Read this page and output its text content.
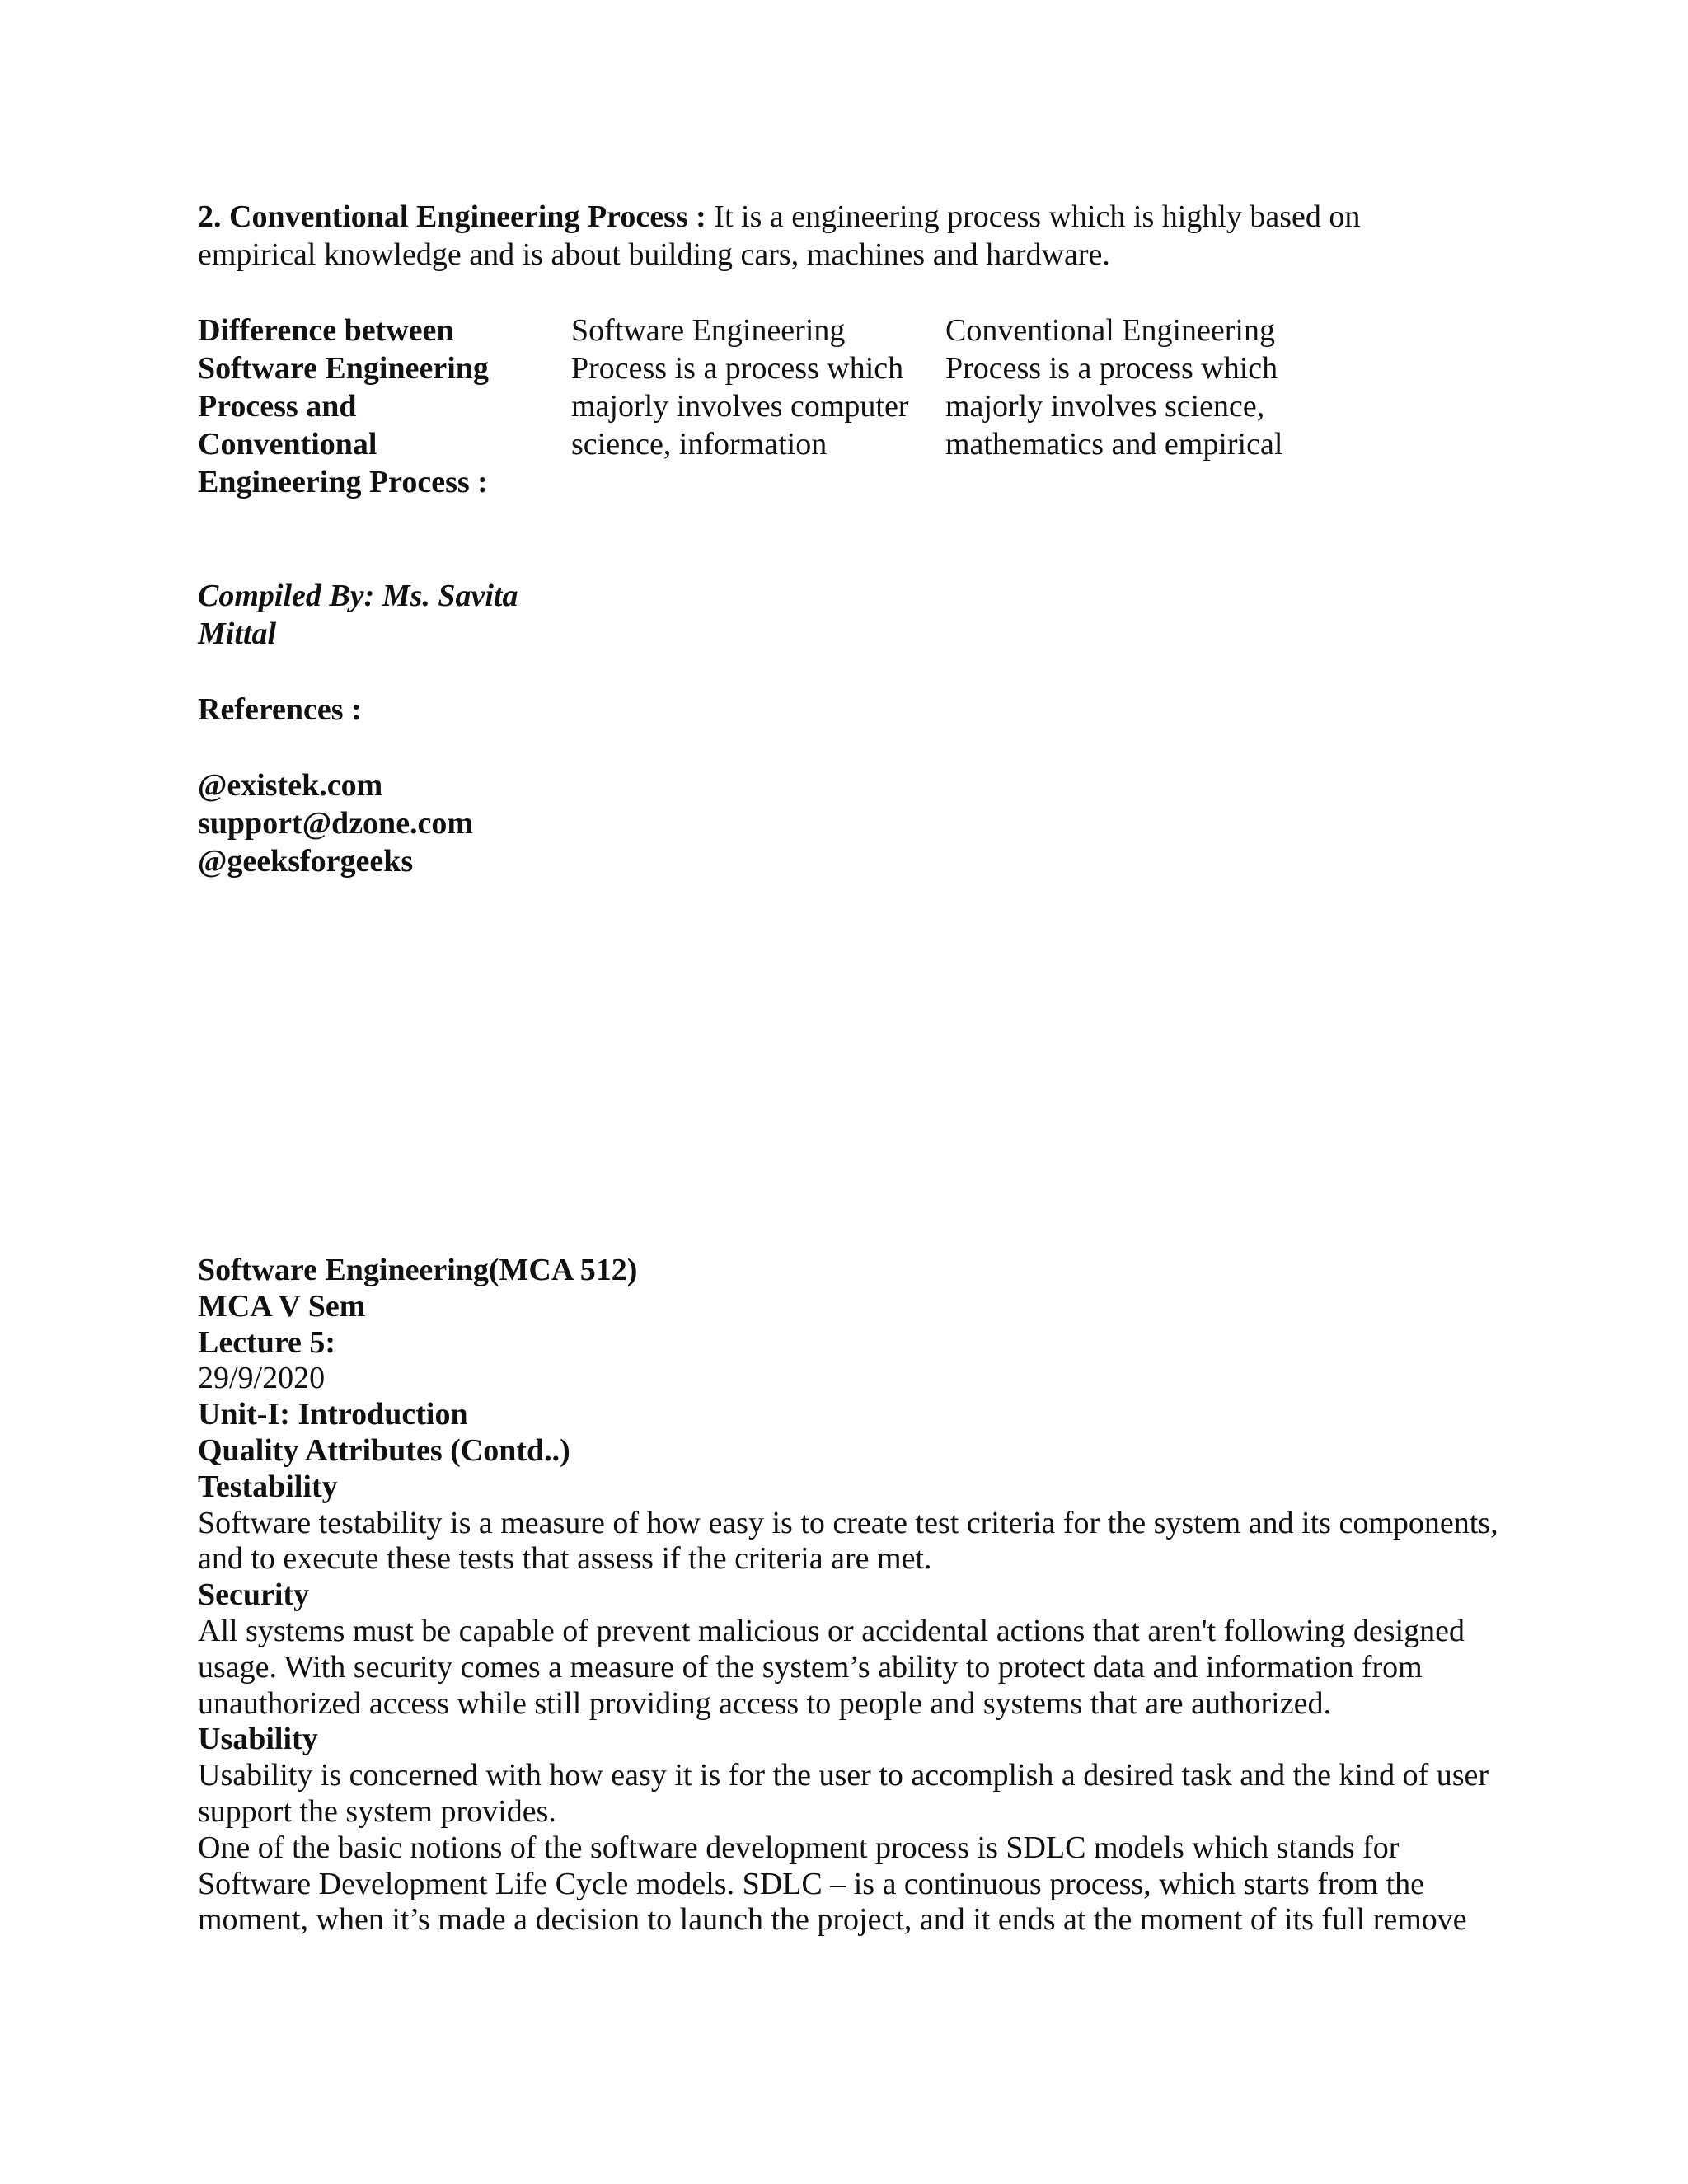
2. Conventional Engineering Process : It is a engineering process which is highly based on empirical knowledge and is about building cars, machines and hardware.

Difference between Software Engineering Process and Conventional Engineering Process :
Software Engineering Process is a process which majorly involves computer science, information
Conventional Engineering Process is a process which majorly involves science, mathematics and empirical
Compiled By: Ms. Savita Mittal
References :
@existek.com
support@dzone.com
@geeksforgeeks

Software Engineering(MCA 512)

MCA V Sem

Lecture 5:

29/9/2020

Unit-I: Introduction

Quality Attributes (Contd..)

Testability

Software testability is a measure of how easy is to create test criteria for the system and its components, and to execute these tests that assess if the criteria are met.

Security

All systems must be capable of prevent malicious or accidental actions that aren't following designed usage. With security comes a measure of the system’s ability to protect data and information from unauthorized access while still providing access to people and systems that are authorized.

Usability

Usability is concerned with how easy it is for the user to accomplish a desired task and the kind of user support the system provides.

One of the basic notions of the software development process is SDLC models which stands for Software Development Life Cycle models. SDLC – is a continuous process, which starts from the moment, when it’s made a decision to launch the project, and it ends at the moment of its full remove
